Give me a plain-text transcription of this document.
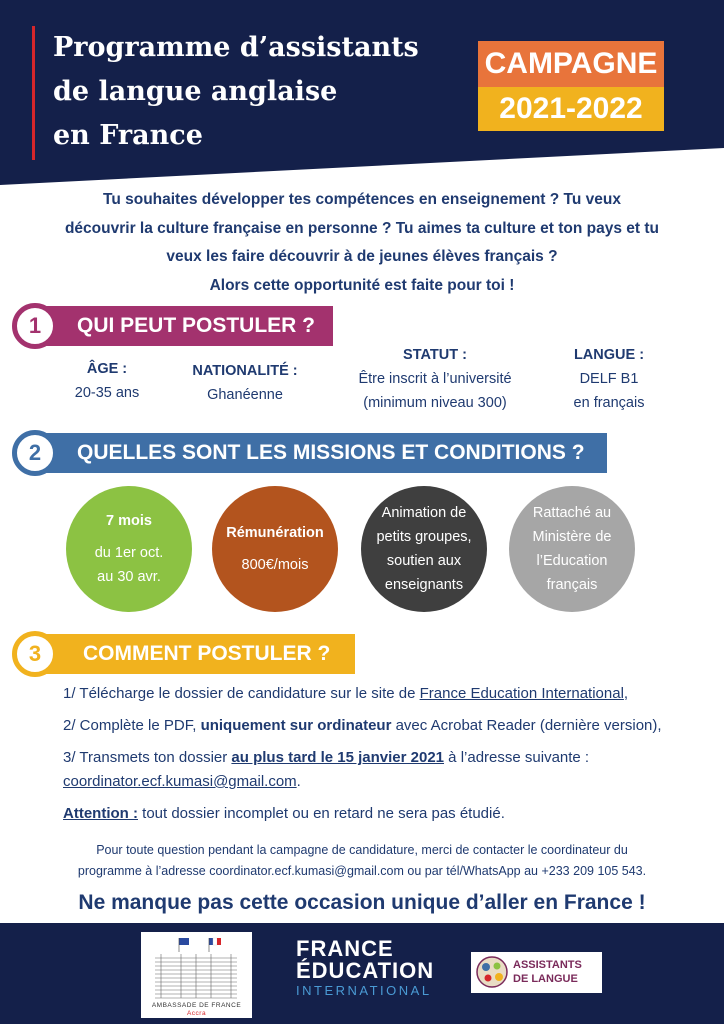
Programme d’assistants
de langue anglaise
en France
CAMPAGNE
2021-2022
Tu souhaites développer tes compétences en enseignement ? Tu veux
découvrir la culture française en personne ? Tu aimes ta culture et ton pays et tu
veux les faire découvrir à de jeunes élèves français ?
Alors cette opportunité est faite pour toi !
QUI PEUT POSTULER ?
1
ÂGE :
20-35 ans
NATIONALITÉ :
Ghanéenne
STATUT :
Être inscrit à l’université
(minimum niveau 300)
LANGUE :
DELF B1
en français
QUELLES SONT LES MISSIONS ET CONDITIONS ?
2
7 mois
du 1er oct.
au 30 avr.
Rémunération
800€/mois
Animation de
petits groupes,
soutien aux
enseignants
Rattaché au
Ministère de
l’Education
français
COMMENT POSTULER ?
3
1/ Télécharge le dossier de candidature sur le site de France Education International,
2/ Complète le PDF, uniquement sur ordinateur avec Acrobat Reader (dernière version),
3/ Transmets ton dossier au plus tard le 15 janvier 2021 à l’adresse suivante :
coordinator.ecf.kumasi@gmail.com.
Attention : tout dossier incomplet ou en retard ne sera pas étudié.
Pour toute question pendant la campagne de candidature, merci de contacter le coordinateur du
programme à l’adresse coordinator.ecf.kumasi@gmail.com ou par tél/WhatsApp au +233 209 105 543.
Ne manque pas cette occasion unique d’aller en France !
AMBASSADE DE FRANCE
Accra
FRANCE
ÉDUCATION
INTERNATIONAL
ASSISTANTS
DE LANGUE
